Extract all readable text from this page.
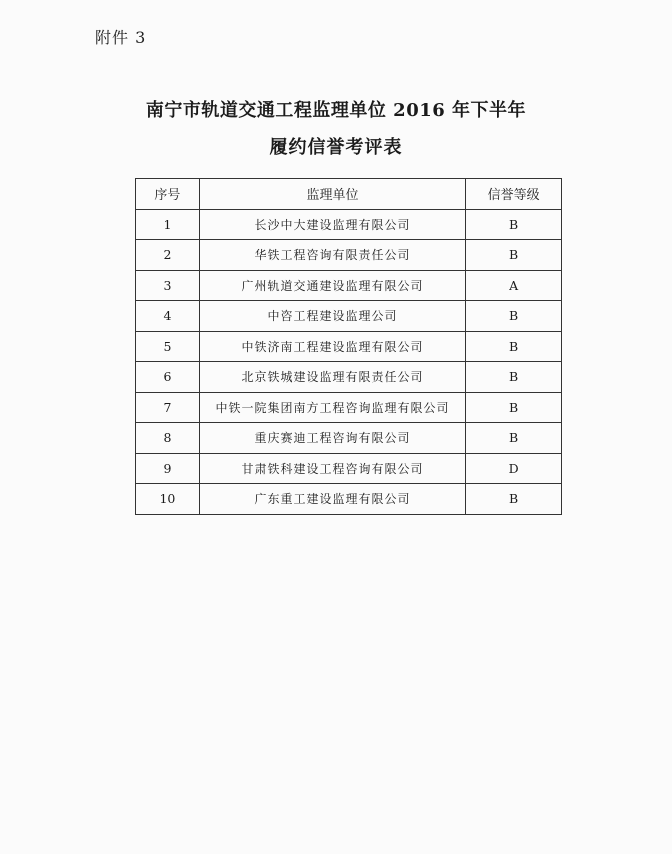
附件 3
南宁市轨道交通工程监理单位 2016 年下半年
履约信誉考评表
序号	监理单位	信誉等级
1	长沙中大建设监理有限公司	B
2	华铁工程咨询有限责任公司	B
3	广州轨道交通建设监理有限公司	A
4	中咨工程建设监理公司	B
5	中铁济南工程建设监理有限公司	B
6	北京铁城建设监理有限责任公司	B
7	中铁一院集团南方工程咨询监理有限公司	B
8	重庆赛迪工程咨询有限公司	B
9	甘肃铁科建设工程咨询有限公司	D
10	广东重工建设监理有限公司	B
